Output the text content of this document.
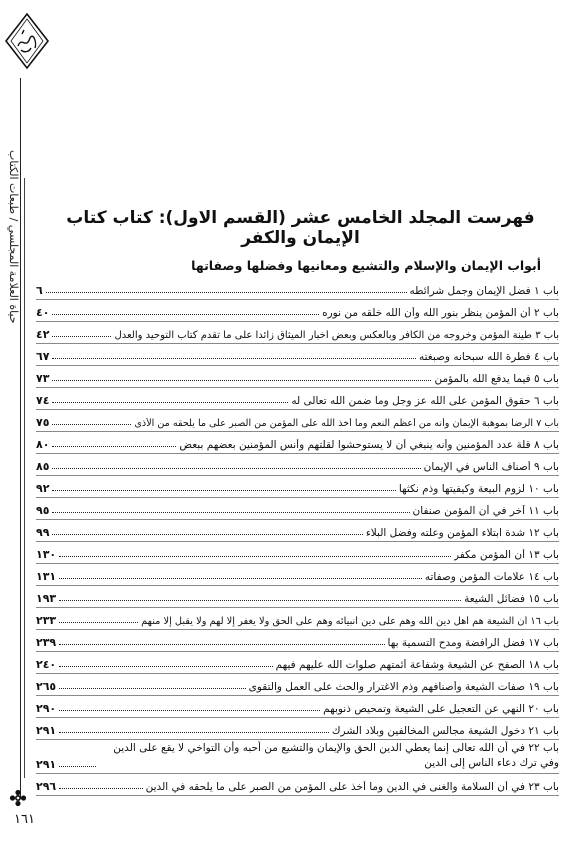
حياة العلامة المجلسي / طبعات الكتاب
١٦١
فهرست المجلد الخامس عشر (القسم الاول): كتاب كتاب الإيمان والكفر
أبواب الإيمان والإسلام والتشيع ومعانيها وفضلها وصفاتها
باب ١ فضل الإيمان وجمل شرائطه
٦
باب ٢ أن المؤمن ينظر بنور الله وأن الله خلقه من نوره
٤٠
باب ٣ طينة المؤمن وخروجه من الكافر وبالعكس وبعض أخبار الميثاق زائدا على ما تقدم كتاب التوحيد والعدل
٤٢
باب ٤ فطرة الله سبحانه وصبغته
٦٧
باب ٥ فيما يدفع الله بالمؤمن
٧٣
باب ٦ حقوق المؤمن على الله عز وجل وما ضمن الله تعالى له
٧٤
باب ٧ الرضا بموهبة الإيمان وأنه من أعظم النعم وما أخذ الله على المؤمن من الصبر على ما يلحقه من الأذى
٧٥
باب ٨ قلة عدد المؤمنين وأنه ينبغي أن لا يستوحشوا لقلتهم وأنس المؤمنين بعضهم ببعض
٨٠
باب ٩ أصناف الناس في الإيمان
٨٥
باب ١٠ لزوم البيعة وكيفيتها وذم نكثها
٩٢
باب ١١ آخر في أن المؤمن صنفان
٩٥
باب ١٢ شدة ابتلاء المؤمن وعلته وفضل البلاء
٩٩
باب ١٣ أن المؤمن مكفر
١٣٠
باب ١٤ علامات المؤمن وصفاته
١٣١
باب ١٥ فضائل الشيعة
١٩٣
باب ١٦ أن الشيعة هم أهل دين الله وهم على دين أنبيائه وهم على الحق ولا يغفر إلا لهم ولا يقبل إلا منهم
٢٣٣
باب ١٧ فضل الرافضة ومدح التسمية بها
٢٣٩
باب ١٨ الصفح عن الشيعة وشفاعة أئمتهم صلوات الله عليهم فيهم
٢٤٠
باب ١٩ صفات الشيعة وأصنافهم وذم الاغترار والحث على العمل والتقوى
٢٦٥
باب ٢٠ النهي عن التعجيل على الشيعة وتمحيص ذنوبهم
٢٩٠
باب ٢١ دخول الشيعة مجالس المخالفين وبلاد الشرك
٢٩١
باب ٢٢ في أن الله تعالى إنما يعطي الدين الحق والإيمان والتشيع من أحبه وأن التواخي لا يقع على الدين وفي ترك دعاء الناس إلى الدين
٢٩١
باب ٢٣ في أن السلامة والغنى في الدين وما أخذ على المؤمن من الصبر على ما يلحقه في الدين
٢٩٦
